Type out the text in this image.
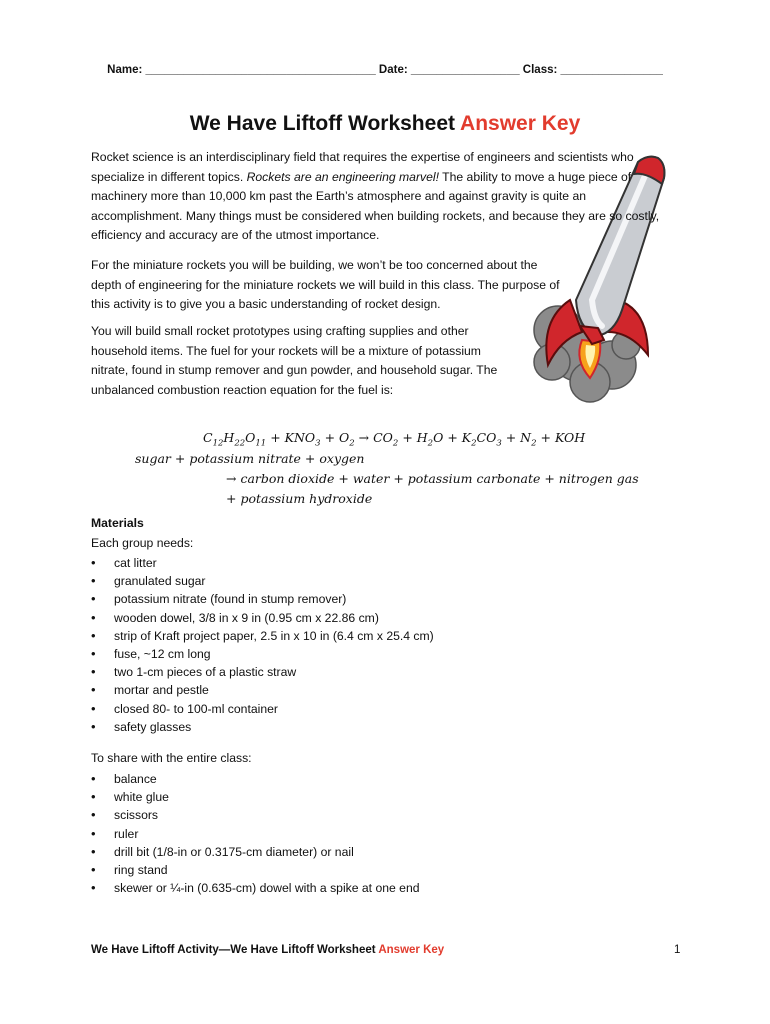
Name: ____________________________________ Date: _________________ Class: ________________
We Have Liftoff Worksheet Answer Key

Rocket science is an interdisciplinary field that requires the expertise of engineers and scientists who specialize in different topics. Rockets are an engineering marvel! The ability to move a huge piece of machinery more than 10,000 km past the Earth’s atmosphere and against gravity is quite an accomplishment. Many things must be considered when building rockets, and because they are so costly, efficiency and accuracy are of the utmost importance.

For the miniature rockets you will be building, we won’t be too concerned about the depth of engineering for the miniature rockets we will build in this class. The purpose of this activity is to give you a basic understanding of rocket design.

You will build small rocket prototypes using crafting supplies and other household items. The fuel for your rockets will be a mixture of potassium nitrate, found in stump remover and gun powder, and household sugar. The unbalanced combustion reaction equation for the fuel is:

$C_{12}H_{22}O_{11} + KNO_3 + O_2 \to CO_2 + H_2O + K_2CO_3 + N_2$ + KOH
sugar + potassium nitrate + oxygen
→ carbon dioxide + water + potassium carbonate + nitrogen gas
+ potassium hydroxide
Materials
Each group needs:
• cat litter
• granulated sugar
• potassium nitrate (found in stump remover)
• wooden dowel, 3/8 in x 9 in (0.95 cm x 22.86 cm)
• strip of Kraft project paper, 2.5 in x 10 in (6.4 cm x 25.4 cm)
• fuse, ~12 cm long
• two 1-cm pieces of a plastic straw
• mortar and pestle
• closed 80- to 100-ml container
• safety glasses
To share with the entire class:
• balance
• white glue
• scissors
• ruler
• drill bit (1/8-in or 0.3175-cm diameter) or nail
• ring stand
• skewer or ¼-in (0.635-cm) dowel with a spike at one end
We Have Liftoff Activity—We Have Liftoff Worksheet Answer Key	1
